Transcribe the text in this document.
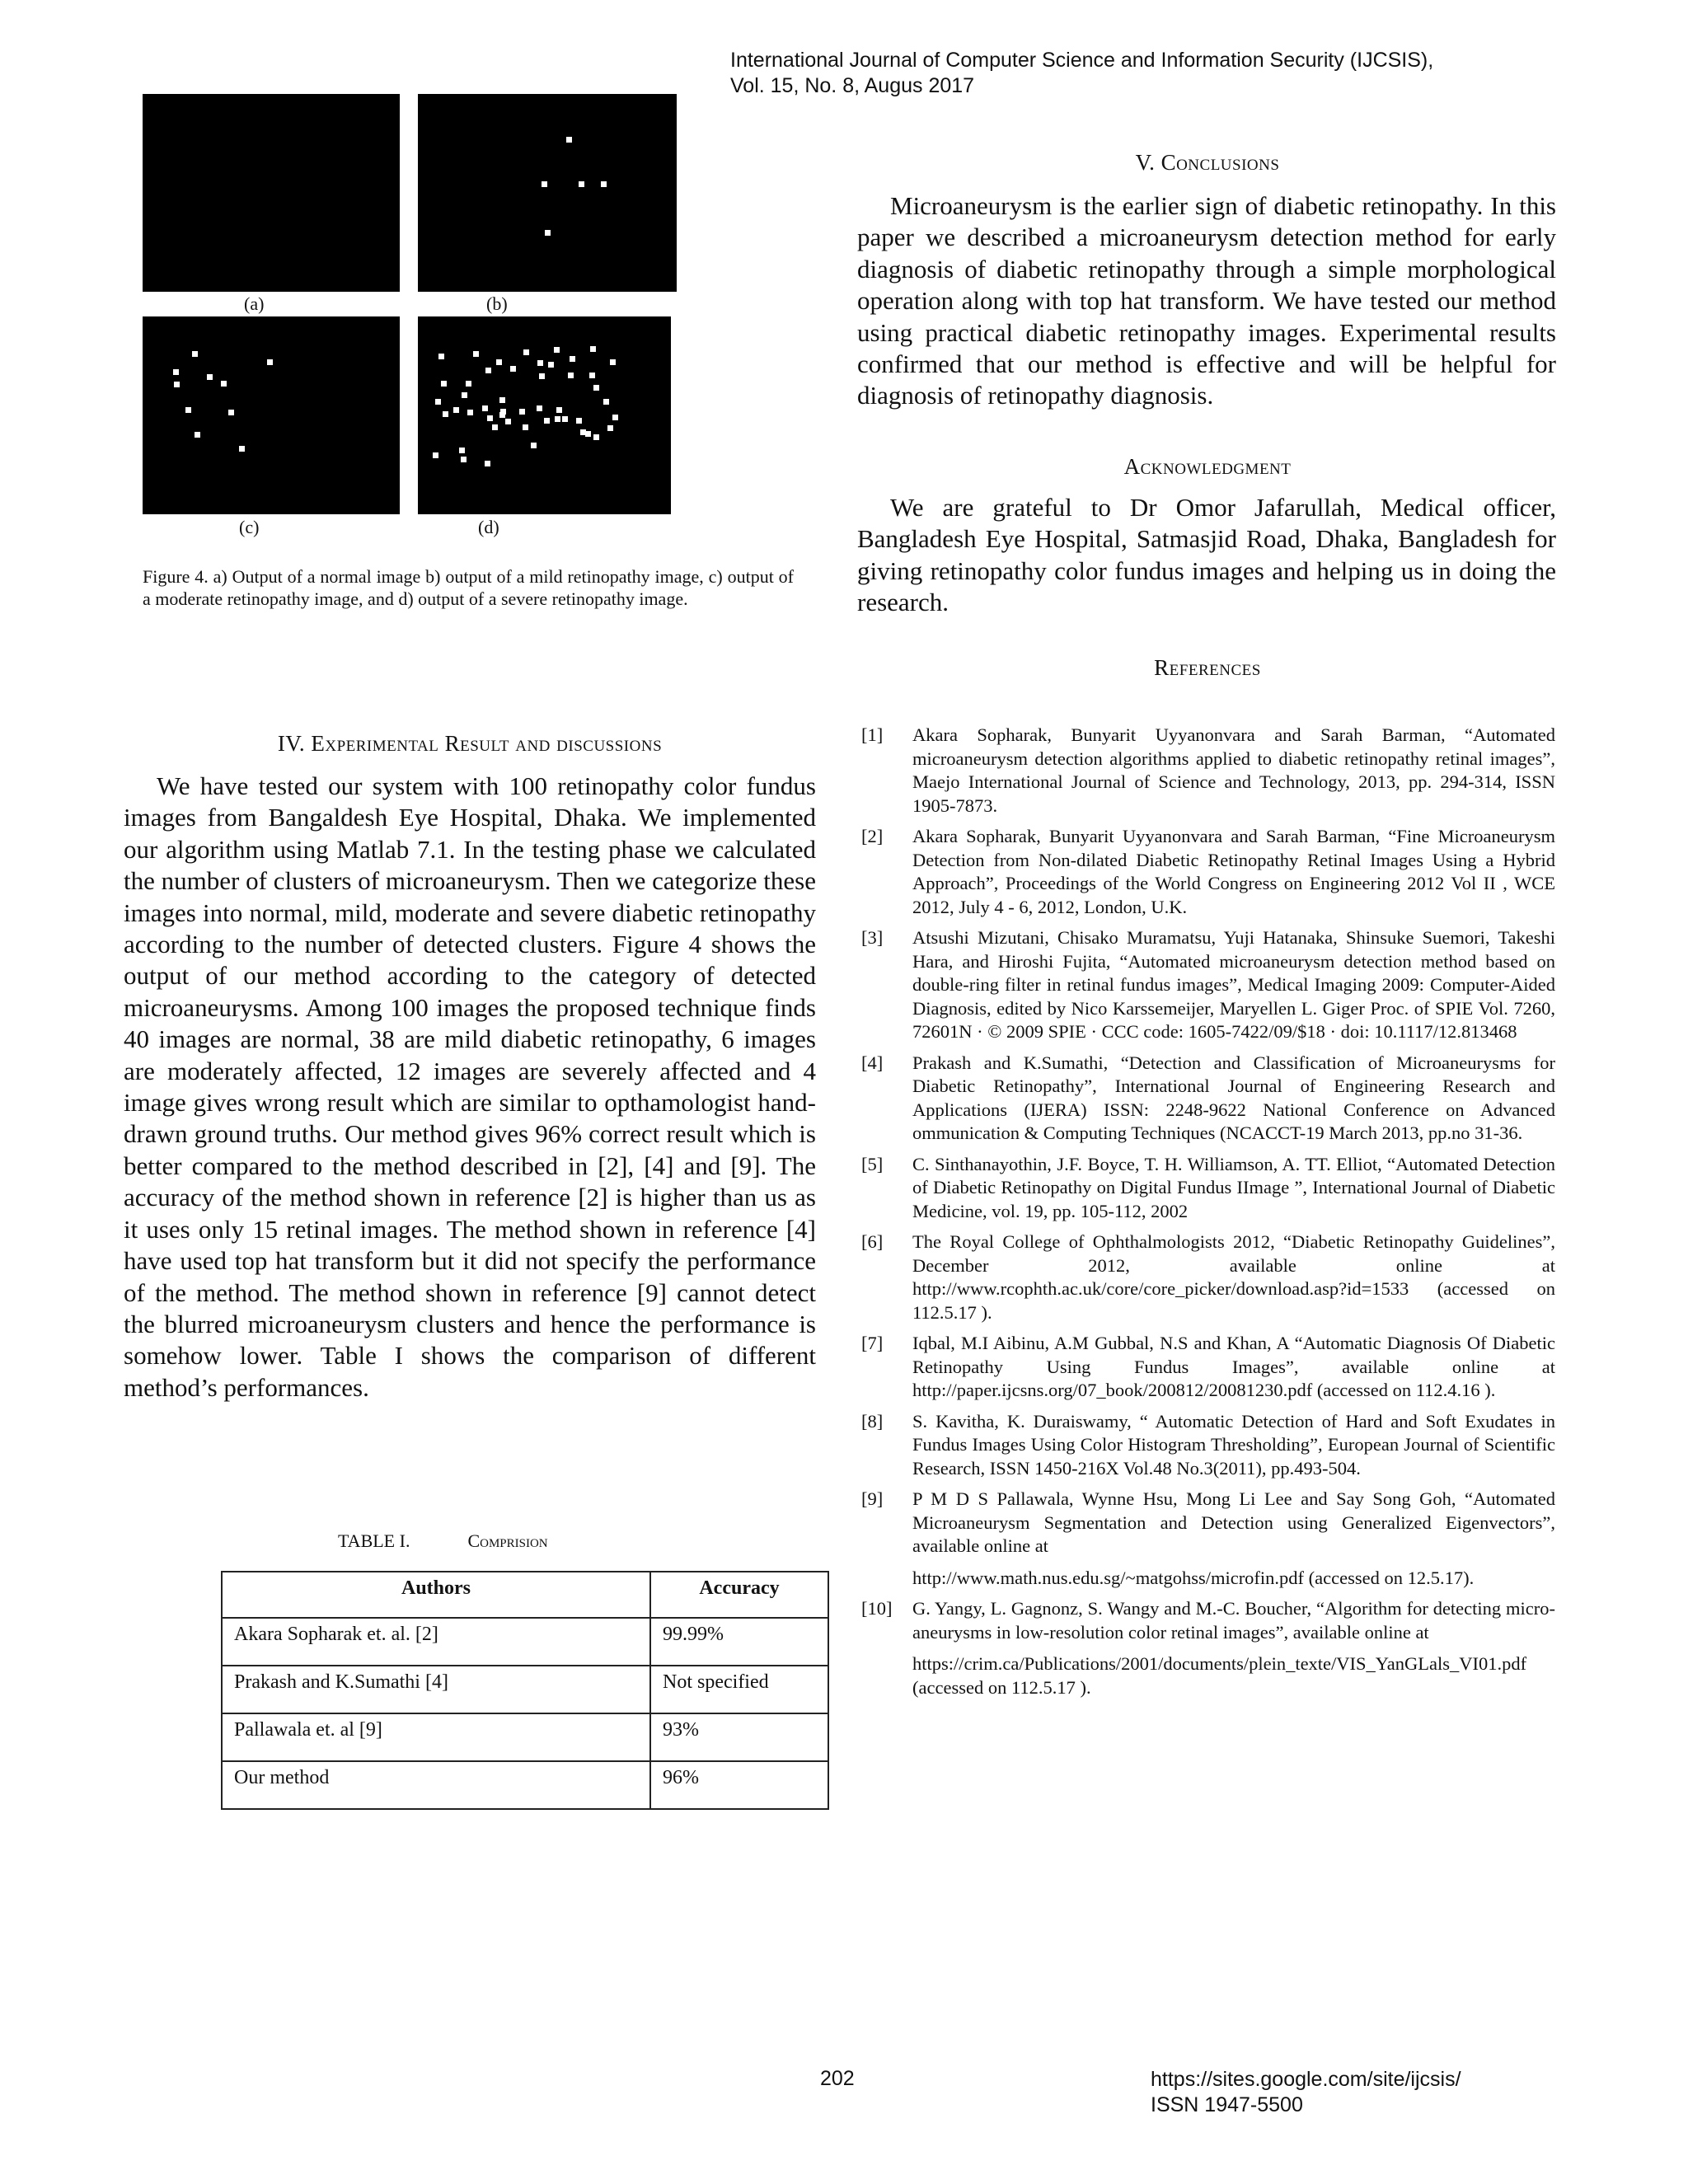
International Journal of Computer Science and Information Security (IJCSIS),
Vol. 15, No. 8, Augus 2017
(a)	(b)
(c)	(d)
Figure 4. a) Output of a normal image b) output of a mild retinopathy image, c) output of a moderate retinopathy image, and d) output of a severe retinopathy image.
IV. Experimental Result and discussions
We have tested our system with 100 retinopathy color fundus images from Bangaldesh Eye Hospital, Dhaka. We implemented our algorithm using Matlab 7.1. In the testing phase we calculated the number of clusters of microaneurysm. Then we categorize these images into normal, mild, moderate and severe diabetic retinopathy according to the number of detected clusters. Figure 4 shows the output of our method according to the category of detected microaneurysms. Among 100 images the proposed technique finds 40 images are normal, 38 are mild diabetic retinopathy, 6 images are moderately affected, 12 images are severely affected and 4 image gives wrong result which are similar to opthamologist hand-drawn ground truths. Our method gives 96% correct result which is better compared to the method described in [2], [4] and [9]. The accuracy of the method shown in reference [2] is higher than us as it uses only 15 retinal images. The method shown in reference [4] have used top hat transform but it did not specify the performance of the method. The method shown in reference [9] cannot detect the blurred microaneurysm clusters and hence the performance is somehow lower. Table I shows the comparison of different method’s performances.
TABLE I.	Comprision
Authors	Accuracy
Akara Sopharak et. al. [2]	99.99%
Prakash and K.Sumathi [4]	Not specified
Pallawala et. al [9]	93%
Our method	96%
V. Conclusions
Microaneurysm is the earlier sign of diabetic retinopathy. In this paper we described a microaneurysm detection method for early diagnosis of diabetic retinopathy through a simple morphological operation along with top hat transform. We have tested our method using practical diabetic retinopathy images. Experimental results confirmed that our method is effective and will be helpful for diagnosis of retinopathy diagnosis.
Acknowledgment
We are grateful to Dr Omor Jafarullah, Medical officer, Bangladesh Eye Hospital, Satmasjid Road, Dhaka, Bangladesh for giving retinopathy color fundus images and helping us in doing the research.
References
[1]	Akara Sopharak, Bunyarit Uyyanonvara and Sarah Barman, “Automated microaneurysm detection algorithms applied to diabetic retinopathy retinal images”, Maejo International Journal of Science and Technology, 2013, pp. 294-314, ISSN 1905-7873.
[2]	Akara Sopharak, Bunyarit Uyyanonvara and Sarah Barman, “Fine Microaneurysm Detection from Non-dilated Diabetic Retinopathy Retinal Images Using a Hybrid Approach”, Proceedings of the World Congress on Engineering 2012 Vol II , WCE 2012, July 4 - 6, 2012, London, U.K.
[3]	Atsushi Mizutani, Chisako Muramatsu, Yuji Hatanaka, Shinsuke Suemori, Takeshi Hara, and Hiroshi Fujita, “Automated microaneurysm detection method based on double-ring filter in retinal fundus images”, Medical Imaging 2009: Computer-Aided Diagnosis, edited by Nico Karssemeijer, Maryellen L. Giger Proc. of SPIE Vol. 7260, 72601N · © 2009 SPIE · CCC code: 1605-7422/09/$18 · doi: 10.1117/12.813468
[4]	Prakash and K.Sumathi, “Detection and Classification of Microaneurysms for Diabetic Retinopathy”, International Journal of Engineering Research and Applications (IJERA) ISSN: 2248-9622 National Conference on Advanced ommunication & Computing Techniques (NCACCT-19 March 2013, pp.no 31-36.
[5]	C. Sinthanayothin, J.F. Boyce, T. H. Williamson, A. TT. Elliot, “Automated Detection of Diabetic Retinopathy on Digital Fundus IImage ”, International Journal of Diabetic Medicine, vol. 19, pp. 105-112, 2002
[6]	The Royal College of Ophthalmologists 2012, “Diabetic Retinopathy Guidelines”, December 2012, available online at http://www.rcophth.ac.uk/core/core_picker/download.asp?id=1533 (accessed on 112.5.17 ).
[7]	Iqbal, M.I Aibinu, A.M Gubbal, N.S and Khan, A “Automatic Diagnosis Of Diabetic Retinopathy Using Fundus Images”, available online at http://paper.ijcsns.org/07_book/200812/20081230.pdf (accessed on 112.4.16 ).
[8]	S. Kavitha, K. Duraiswamy, “ Automatic Detection of Hard and Soft Exudates in Fundus Images Using Color Histogram Thresholding”, European Journal of Scientific Research, ISSN 1450-216X Vol.48 No.3(2011), pp.493-504.
[9]	P M D S Pallawala, Wynne Hsu, Mong Li Lee and Say Song Goh, “Automated Microaneurysm Segmentation and Detection using Generalized Eigenvectors”, available online at
http://www.math.nus.edu.sg/~matgohss/microfin.pdf (accessed on 12.5.17).
[10]	G. Yangy, L. Gagnonz, S. Wangy and M.-C. Boucher, “Algorithm for detecting micro-aneurysms in low-resolution color retinal images”, available online at
https://crim.ca/Publications/2001/documents/plein_texte/VIS_YanGLals_VI01.pdf (accessed on 112.5.17 ).
202	https://sites.google.com/site/ijcsis/
ISSN 1947-5500
